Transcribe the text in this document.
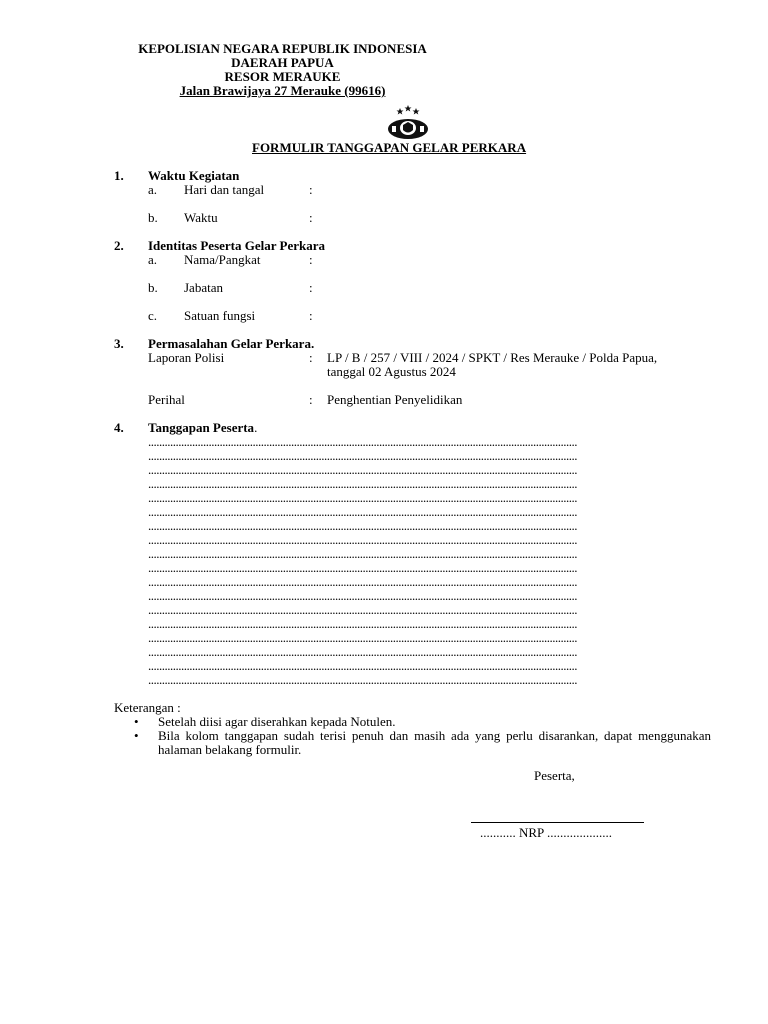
KEPOLISIAN NEGARA REPUBLIK INDONESIA
DAERAH PAPUA
RESOR MERAUKE
Jalan Brawijaya 27 Merauke (99616)
FORMULIR TANGGAPAN GELAR PERKARA
1. Waktu Kegiatan
a. Hari dan tangal	:
b. Waktu	:
2. Identitas Peserta Gelar Perkara
a. Nama/Pangkat	:
b. Jabatan	:
c. Satuan fungsi	:
3. Permasalahan Gelar Perkara.
Laporan Polisi	: LP / B / 257 / VIII / 2024 / SPKT / Res Merauke / Polda Papua,
tanggal 02 Agustus 2024
Perihal	: Penghentian Penyelidikan
4. Tanggapan Peserta.
............................................................................................................................................................
............................................................................................................................................................
............................................................................................................................................................
............................................................................................................................................................
............................................................................................................................................................
............................................................................................................................................................
............................................................................................................................................................
............................................................................................................................................................
............................................................................................................................................................
............................................................................................................................................................
............................................................................................................................................................
............................................................................................................................................................
............................................................................................................................................................
............................................................................................................................................................
............................................................................................................................................................
............................................................................................................................................................
............................................................................................................................................................
............................................................................................................................................................
Keterangan :
• Setelah diisi agar diserahkan kepada Notulen.
• Bila kolom tanggapan sudah terisi penuh dan masih ada yang perlu disarankan, dapat menggunakan halaman belakang formulir.
Peserta,
........... NRP ....................
